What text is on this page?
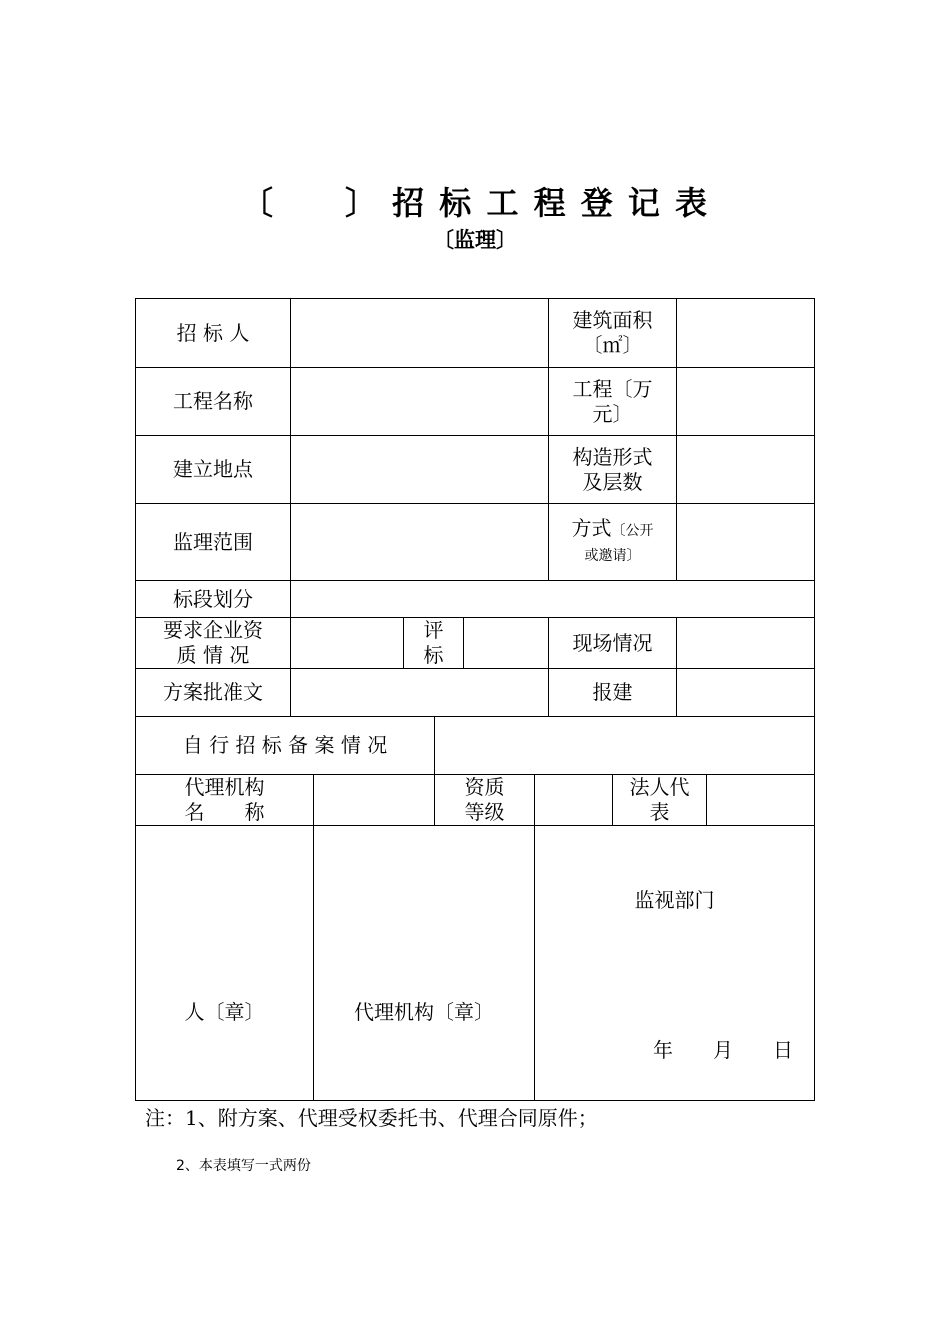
〔 〕 招 标 工 程 登 记 表
〔监理〕
招 标 人
建筑面积
〔㎡〕
工程名称
工程〔万
元〕
建立地点
构造形式
及层数
监理范围
方式〔公开
或邀请〕
标段划分
要求企业资
质 情 况
评
标
现场情况
方案批准文	报建
自 行 招 标 备 案 情 况
代理机构
名　　称
资质
等级
法人代
表
人〔章〕	代理机构〔章〕
监视部门
年　　月　　日
注：1、附方案、代理受权委托书、代理合同原件；
2、本表填写一式两份
